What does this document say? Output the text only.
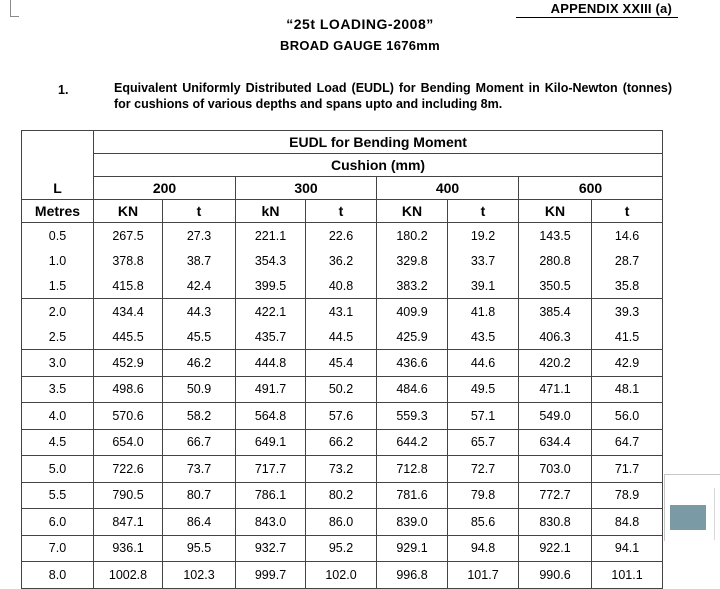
APPENDIX XXIII (a)
“25t LOADING-2008”
BROAD GAUGE 1676mm
1.	Equivalent Uniformly Distributed Load (EUDL) for Bending Moment in Kilo-Newton (tonnes) for cushions of various depths and spans upto and including 8m.
	EUDL for Bending Moment							
	Cushion (mm)							
L	200		300		400		600	
Metres	KN	t	kN	t	KN	t	KN	t
0.5	267.5	27.3	221.1	22.6	180.2	19.2	143.5	14.6
1.0	378.8	38.7	354.3	36.2	329.8	33.7	280.8	28.7
1.5	415.8	42.4	399.5	40.8	383.2	39.1	350.5	35.8
2.0	434.4	44.3	422.1	43.1	409.9	41.8	385.4	39.3
2.5	445.5	45.5	435.7	44.5	425.9	43.5	406.3	41.5
3.0	452.9	46.2	444.8	45.4	436.6	44.6	420.2	42.9
3.5	498.6	50.9	491.7	50.2	484.6	49.5	471.1	48.1
4.0	570.6	58.2	564.8	57.6	559.3	57.1	549.0	56.0
4.5	654.0	66.7	649.1	66.2	644.2	65.7	634.4	64.7
5.0	722.6	73.7	717.7	73.2	712.8	72.7	703.0	71.7
5.5	790.5	80.7	786.1	80.2	781.6	79.8	772.7	78.9
6.0	847.1	86.4	843.0	86.0	839.0	85.6	830.8	84.8
7.0	936.1	95.5	932.7	95.2	929.1	94.8	922.1	94.1
8.0	1002.8	102.3	999.7	102.0	996.8	101.7	990.6	101.1
